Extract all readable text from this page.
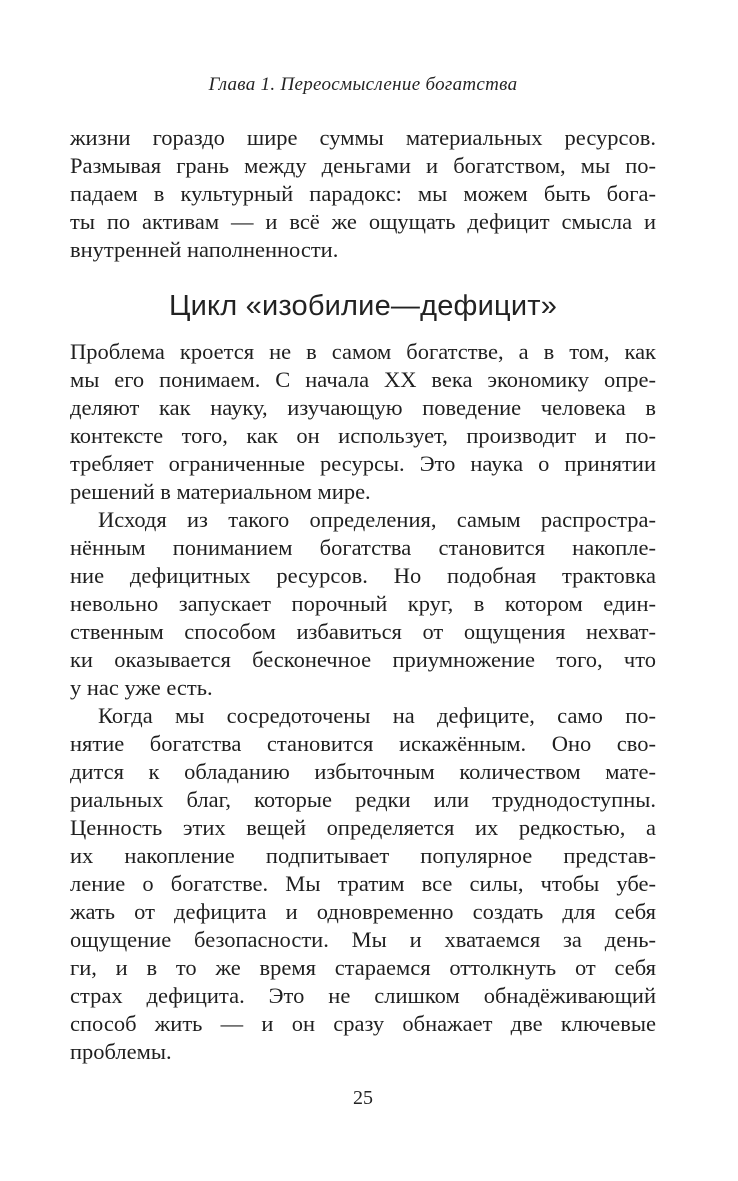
Глава 1. Переосмысление богатства
жизни гораздо шире суммы материальных ресурсов.
Размывая грань между деньгами и богатством, мы по-
падаем в культурный парадокс: мы можем быть бога-
ты по активам — и всё же ощущать дефицит смысла и
внутренней наполненности.
Цикл «изобилие—дефицит»
Проблема кроется не в самом богатстве, а в том, как
мы его понимаем. С начала XX века экономику опре-
деляют как науку, изучающую поведение человека в
контексте того, как он использует, производит и по-
требляет ограниченные ресурсы. Это наука о принятии
решений в материальном мире.
Исходя из такого определения, самым распростра-
нённым пониманием богатства становится накопле-
ние дефицитных ресурсов. Но подобная трактовка
невольно запускает порочный круг, в котором един-
ственным способом избавиться от ощущения нехват-
ки оказывается бесконечное приумножение того, что
у нас уже есть.
Когда мы сосредоточены на дефиците, само по-
нятие богатства становится искажённым. Оно сво-
дится к обладанию избыточным количеством мате-
риальных благ, которые редки или труднодоступны.
Ценность этих вещей определяется их редкостью, а
их накопление подпитывает популярное представ-
ление о богатстве. Мы тратим все силы, чтобы убе-
жать от дефицита и одновременно создать для себя
ощущение безопасности. Мы и хватаемся за день-
ги, и в то же время стараемся оттолкнуть от себя
страх дефицита. Это не слишком обнадёживающий
способ жить — и он сразу обнажает две ключевые
проблемы.
25
